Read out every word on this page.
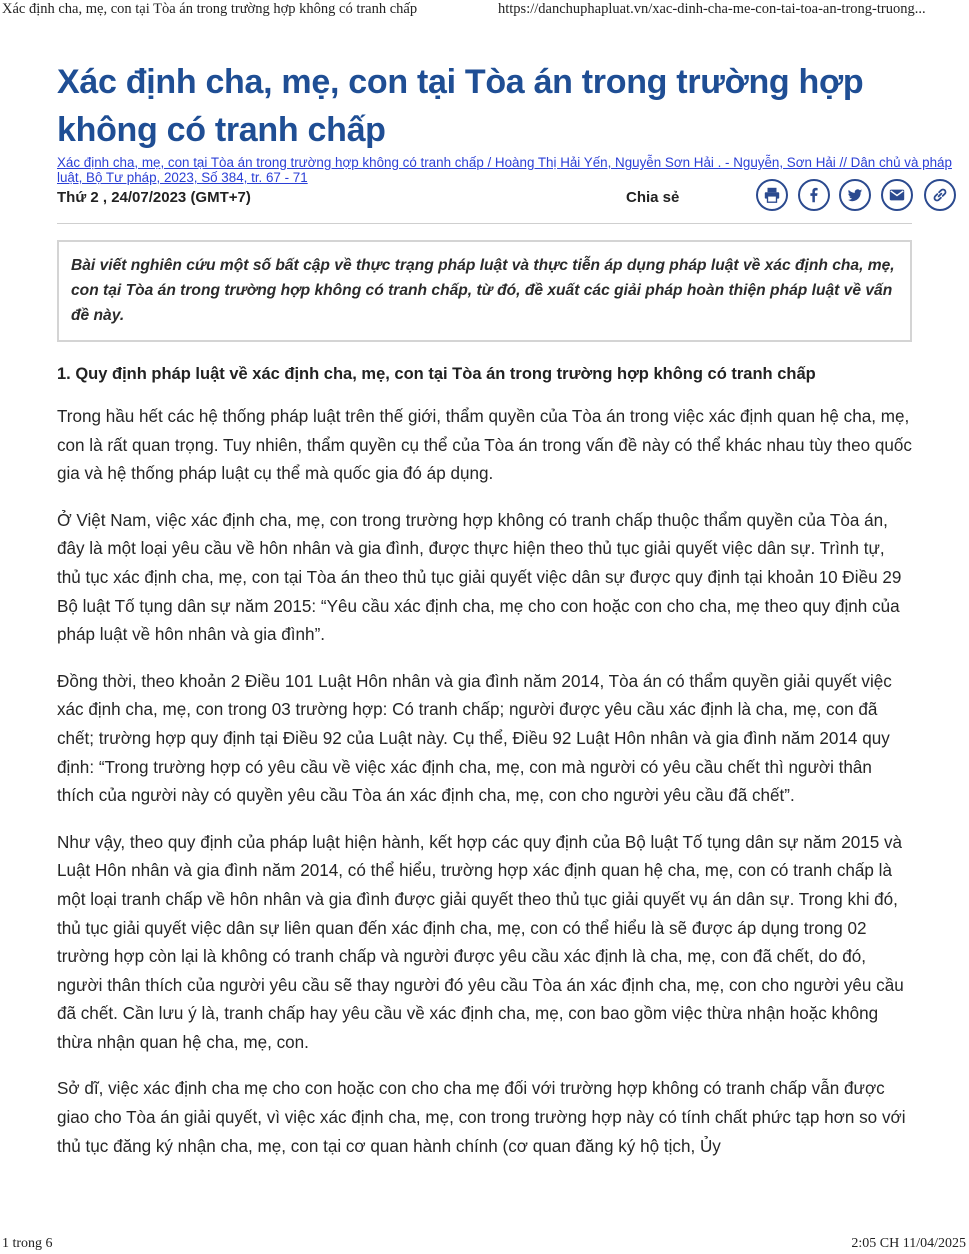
Xác định cha, mẹ, con tại Tòa án trong trường hợp không có tranh chấp	https://danchuphapluat.vn/xac-dinh-cha-me-con-tai-toa-an-trong-truong...
Xác định cha, mẹ, con tại Tòa án trong trường hợp không có tranh chấp
Xác định cha, mẹ, con tại Tòa án trong trường hợp không có tranh chấp / Hoàng Thị Hải Yến, Nguyễn Sơn Hải . - Nguyễn, Sơn Hải // Dân chủ và pháp luật, Bộ Tư pháp, 2023, Số 384, tr. 67 - 71
Thứ 2 , 24/07/2023 (GMT+7)	Chia sẻ
Bài viết nghiên cứu một số bất cập về thực trạng pháp luật và thực tiễn áp dụng pháp luật về xác định cha, mẹ, con tại Tòa án trong trường hợp không có tranh chấp, từ đó, đề xuất các giải pháp hoàn thiện pháp luật về vấn đề này.
1. Quy định pháp luật về xác định cha, mẹ, con tại Tòa án trong trường hợp không có tranh chấp

Trong hầu hết các hệ thống pháp luật trên thế giới, thẩm quyền của Tòa án trong việc xác định quan hệ cha, mẹ, con là rất quan trọng. Tuy nhiên, thẩm quyền cụ thể của Tòa án trong vấn đề này có thể khác nhau tùy theo quốc gia và hệ thống pháp luật cụ thể mà quốc gia đó áp dụng.

Ở Việt Nam, việc xác định cha, mẹ, con trong trường hợp không có tranh chấp thuộc thẩm quyền của Tòa án, đây là một loại yêu cầu về hôn nhân và gia đình, được thực hiện theo thủ tục giải quyết việc dân sự. Trình tự, thủ tục xác định cha, mẹ, con tại Tòa án theo thủ tục giải quyết việc dân sự được quy định tại khoản 10 Điều 29 Bộ luật Tố tụng dân sự năm 2015: “Yêu cầu xác định cha, mẹ cho con hoặc con cho cha, mẹ theo quy định của pháp luật về hôn nhân và gia đình”.

Đồng thời, theo khoản 2 Điều 101 Luật Hôn nhân và gia đình năm 2014, Tòa án có thẩm quyền giải quyết việc xác định cha, mẹ, con trong 03 trường hợp: Có tranh chấp; người được yêu cầu xác định là cha, mẹ, con đã chết; trường hợp quy định tại Điều 92 của Luật này. Cụ thể, Điều 92 Luật Hôn nhân và gia đình năm 2014 quy định: “Trong trường hợp có yêu cầu về việc xác định cha, mẹ, con mà người có yêu cầu chết thì người thân thích của người này có quyền yêu cầu Tòa án xác định cha, mẹ, con cho người yêu cầu đã chết”.

Như vậy, theo quy định của pháp luật hiện hành, kết hợp các quy định của Bộ luật Tố tụng dân sự năm 2015 và Luật Hôn nhân và gia đình năm 2014, có thể hiểu, trường hợp xác định quan hệ cha, mẹ, con có tranh chấp là một loại tranh chấp về hôn nhân và gia đình được giải quyết theo thủ tục giải quyết vụ án dân sự. Trong khi đó, thủ tục giải quyết việc dân sự liên quan đến xác định cha, mẹ, con có thể hiểu là sẽ được áp dụng trong 02 trường hợp còn lại là không có tranh chấp và người được yêu cầu xác định là cha, mẹ, con đã chết, do đó, người thân thích của người yêu cầu sẽ thay người đó yêu cầu Tòa án xác định cha, mẹ, con cho người yêu cầu đã chết. Cần lưu ý là, tranh chấp hay yêu cầu về xác định cha, mẹ, con bao gồm việc thừa nhận hoặc không thừa nhận quan hệ cha, mẹ, con.

Sở dĩ, việc xác định cha mẹ cho con hoặc con cho cha mẹ đối với trường hợp không có tranh chấp vẫn được giao cho Tòa án giải quyết, vì việc xác định cha, mẹ, con trong trường hợp này có tính chất phức tạp hơn so với thủ tục đăng ký nhận cha, mẹ, con tại cơ quan hành chính (cơ quan đăng ký hộ tịch, Ủy

1 trong 6	2:05 CH 11/04/2025
